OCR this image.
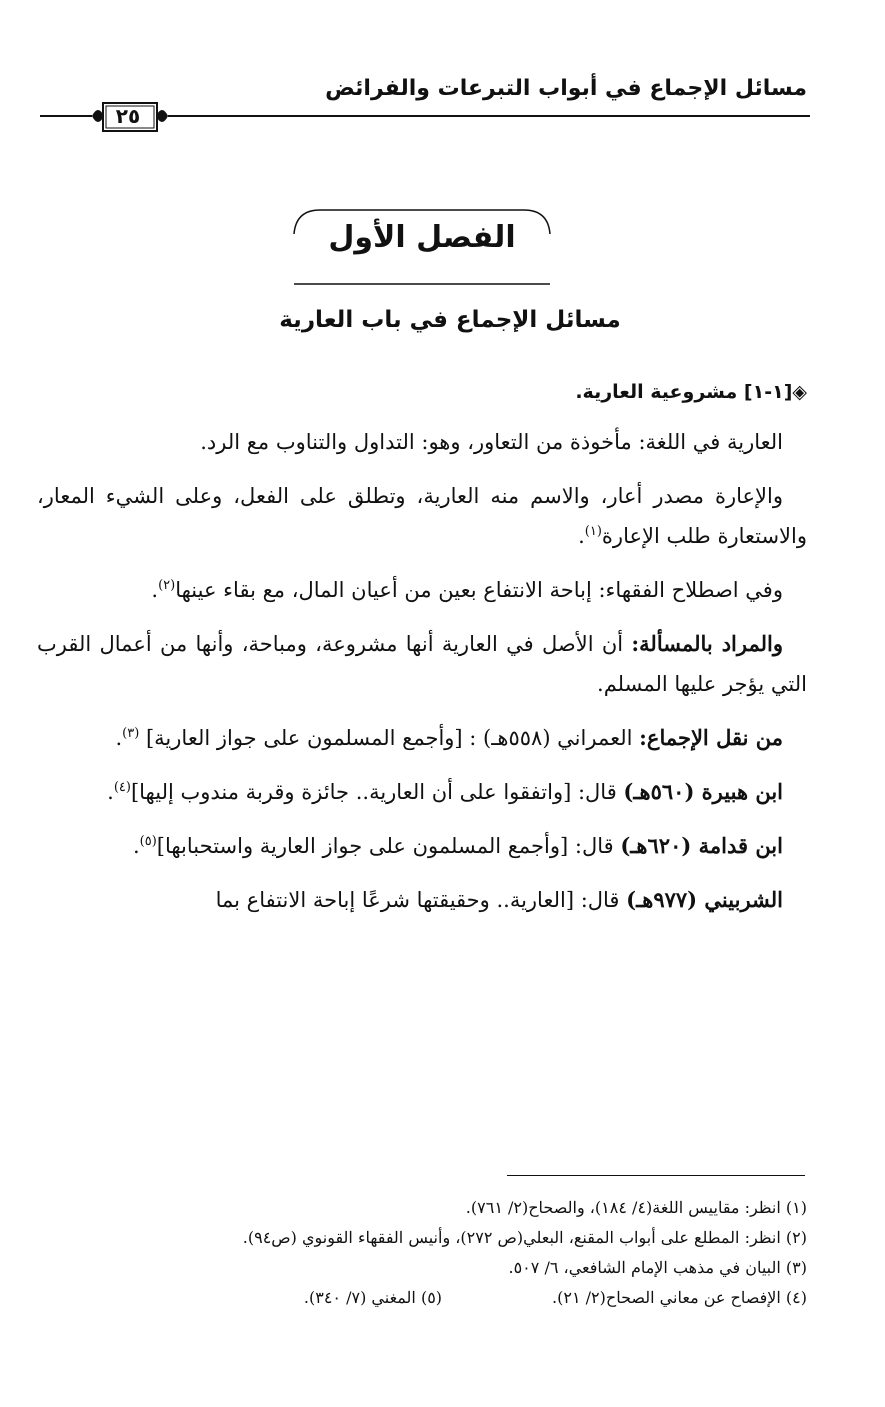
مسائل الإجماع في أبواب التبرعات والفرائض
٢٥
الفصل الأول
مسائل الإجماع في باب العارية

◈[١-١] مشروعية العارية.

العارية في اللغة: مأخوذة من التعاور، وهو: التداول والتناوب مع الرد.

والإعارة مصدر أعار، والاسم منه العارية، وتطلق على الفعل، وعلى الشيء المعار، والاستعارة طلب الإعارة$^{(١)}$.

وفي اصطلاح الفقهاء: إباحة الانتفاع بعين من أعيان المال، مع بقاء عينها$^{(٢)}$.

والمراد بالمسألة: أن الأصل في العارية أنها مشروعة، ومباحة، وأنها من أعمال القرب التي يؤجر عليها المسلم.

من نقل الإجماع: العمراني (٥٥٨هـ) : [وأجمع المسلمون على جواز العارية] $^{(٣)}$.

ابن هبيرة (٥٦٠هـ) قال: [واتفقوا على أن العارية.. جائزة وقربة مندوب إليها]$^{(٤)}$.

ابن قدامة (٦٢٠هـ) قال: [وأجمع المسلمون على جواز العارية واستحبابها]$^{(٥)}$.

الشربيني (٩٧٧هـ) قال: [العارية.. وحقيقتها شرعًا إباحة الانتفاع بما

(١) انظر: مقاييس اللغة(٤/ ١٨٤)، والصحاح(٢/ ٧٦١).
(٢) انظر: المطلع على أبواب المقنع، البعلي(ص ٢٧٢)، وأنيس الفقهاء القونوي (ص٩٤).
(٣) البيان في مذهب الإمام الشافعي، ٦/ ٥٠٧.
(٤) الإفصاح عن معاني الصحاح(٢/ ٢١).
(٥) المغني (٧/ ٣٤٠).
